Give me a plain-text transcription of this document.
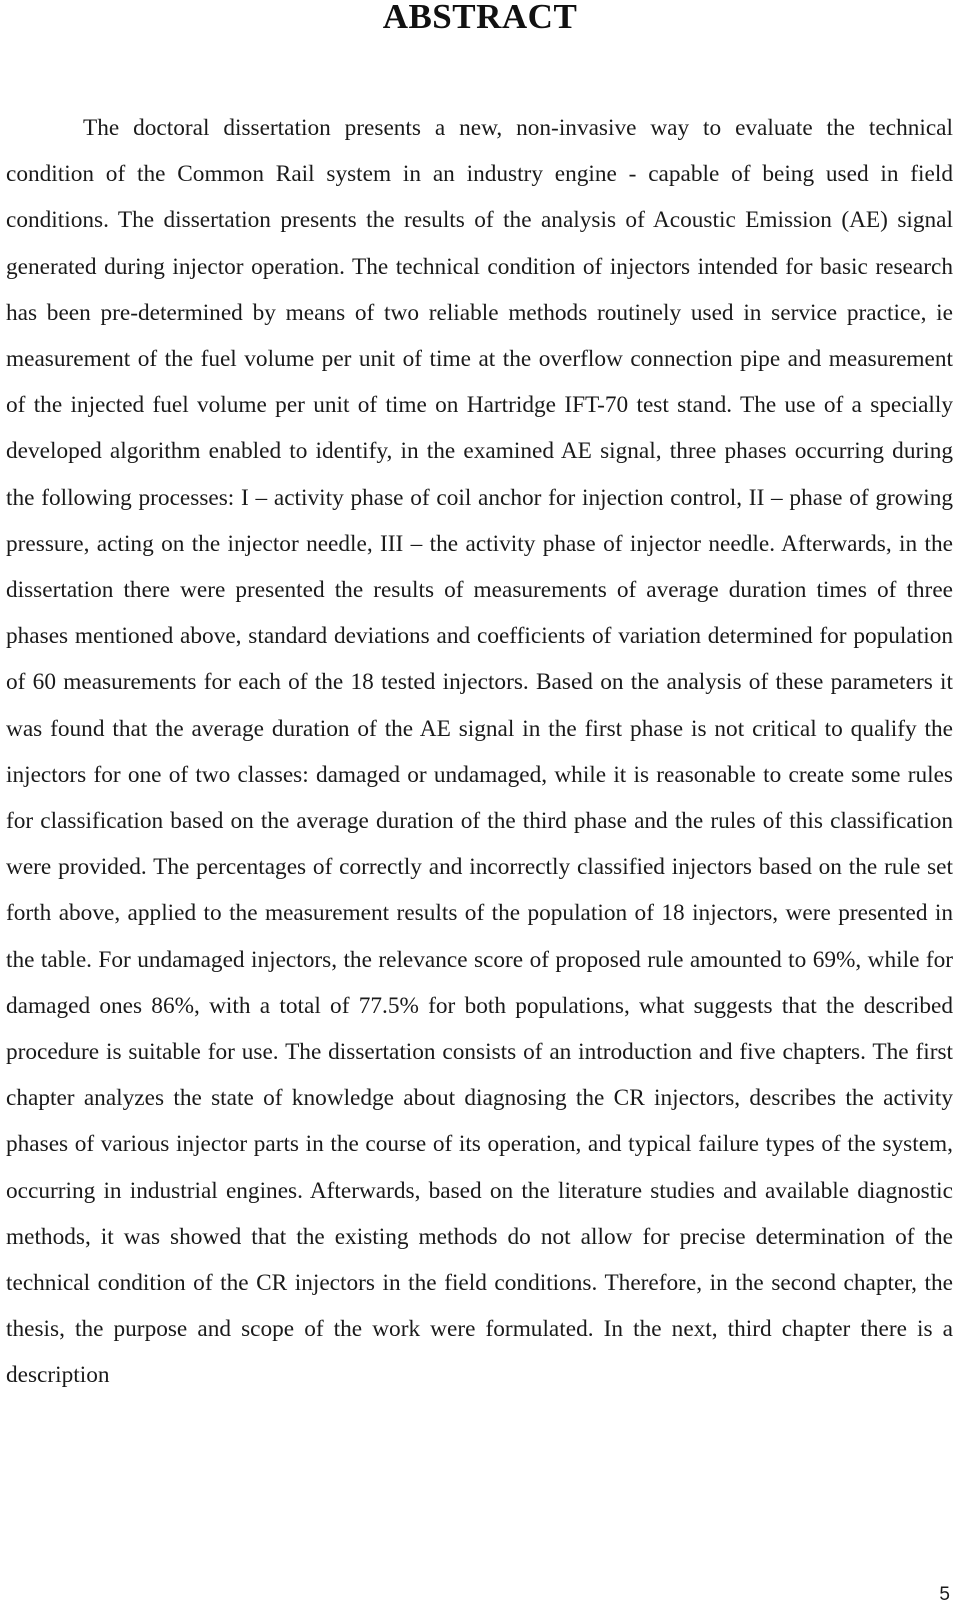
ABSTRACT

The doctoral dissertation presents a new, non-invasive way to evaluate the technical condition of the Common Rail system in an industry engine - capable of being used in field conditions. The dissertation presents the results of the analysis of Acoustic Emission (AE) signal generated during injector operation. The technical condition of injectors intended for basic research has been pre-determined by means of two reliable methods routinely used in service practice, ie measurement of the fuel volume per unit of time at the overflow connection pipe and measurement of the injected fuel volume per unit of time on Hartridge IFT-70 test stand. The use of a specially developed algorithm enabled to identify, in the examined AE signal, three phases occurring during the following processes: I – activity phase of coil anchor for injection control, II – phase of growing pressure, acting on the injector needle, III – the activity phase of injector needle. Afterwards, in the dissertation there were presented the results of measurements of average duration times of three phases mentioned above, standard deviations and coefficients of variation determined for population of 60 measurements for each of the 18 tested injectors. Based on the analysis of these parameters it was found that the average duration of the AE signal in the first phase is not critical to qualify the injectors for one of two classes: damaged or undamaged, while it is reasonable to create some rules for classification based on the average duration of the third phase and the rules of this classification were provided. The percentages of correctly and incorrectly classified injectors based on the rule set forth above, applied to the measurement results of the population of 18 injectors, were presented in the table. For undamaged injectors, the relevance score of proposed rule amounted to 69%, while for damaged ones 86%, with a total of 77.5% for both populations, what suggests that the described procedure is suitable for use. The dissertation consists of an introduction and five chapters. The first chapter analyzes the state of knowledge about diagnosing the CR injectors, describes the activity phases of various injector parts in the course of its operation, and typical failure types of the system, occurring in industrial engines. Afterwards, based on the literature studies and available diagnostic methods, it was showed that the existing methods do not allow for precise determination of the technical condition of the CR injectors in the field conditions. Therefore, in the second chapter, the thesis, the purpose and scope of the work were formulated. In the next, third chapter there is a description

5
